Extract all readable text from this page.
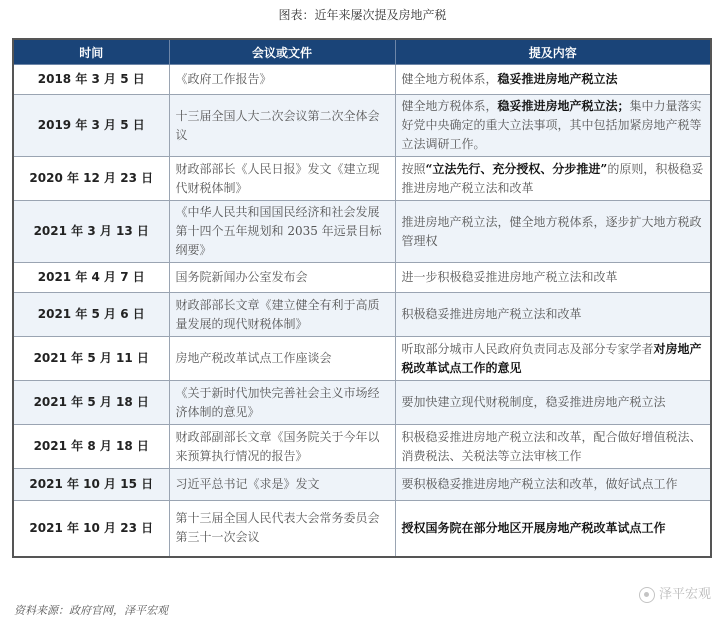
图表：近年来屡次提及房地产税
时间	会议或文件	提及内容
2018 年 3 月 5 日	《政府工作报告》	健全地方税体系，稳妥推进房地产税立法
2019 年 3 月 5 日	十三届全国人大二次会议第二次全体会议	健全地方税体系，稳妥推进房地产税立法；集中力量落实好党中央确定的重大立法事项，其中包括加紧房地产税等立法调研工作。
2020 年 12 月 23 日	财政部部长《人民日报》发文《建立现代财税体制》	按照“立法先行、充分授权、分步推进”的原则，积极稳妥推进房地产税立法和改革
2021 年 3 月 13 日	《中华人民共和国国民经济和社会发展第十四个五年规划和 2035 年远景目标纲要》	推进房地产税立法，健全地方税体系，逐步扩大地方税政管理权
2021 年 4 月 7 日	国务院新闻办公室发布会	进一步积极稳妥推进房地产税立法和改革
2021 年 5 月 6 日	财政部部长文章《建立健全有利于高质量发展的现代财税体制》	积极稳妥推进房地产税立法和改革
2021 年 5 月 11 日	房地产税改革试点工作座谈会	听取部分城市人民政府负责同志及部分专家学者对房地产税改革试点工作的意见
2021 年 5 月 18 日	《关于新时代加快完善社会主义市场经济体制的意见》	要加快建立现代财税制度，稳妥推进房地产税立法
2021 年 8 月 18 日	财政部副部长文章《国务院关于今年以来预算执行情况的报告》	积极稳妥推进房地产税立法和改革，配合做好增值税法、消费税法、关税法等立法审核工作
2021 年 10 月 15 日	习近平总书记《求是》发文	要积极稳妥推进房地产税立法和改革，做好试点工作
2021 年 10 月 23 日	第十三届全国人民代表大会常务委员会第三十一次会议	授权国务院在部分地区开展房地产税改革试点工作
资料来源：政府官网，泽平宏观
泽平宏观
